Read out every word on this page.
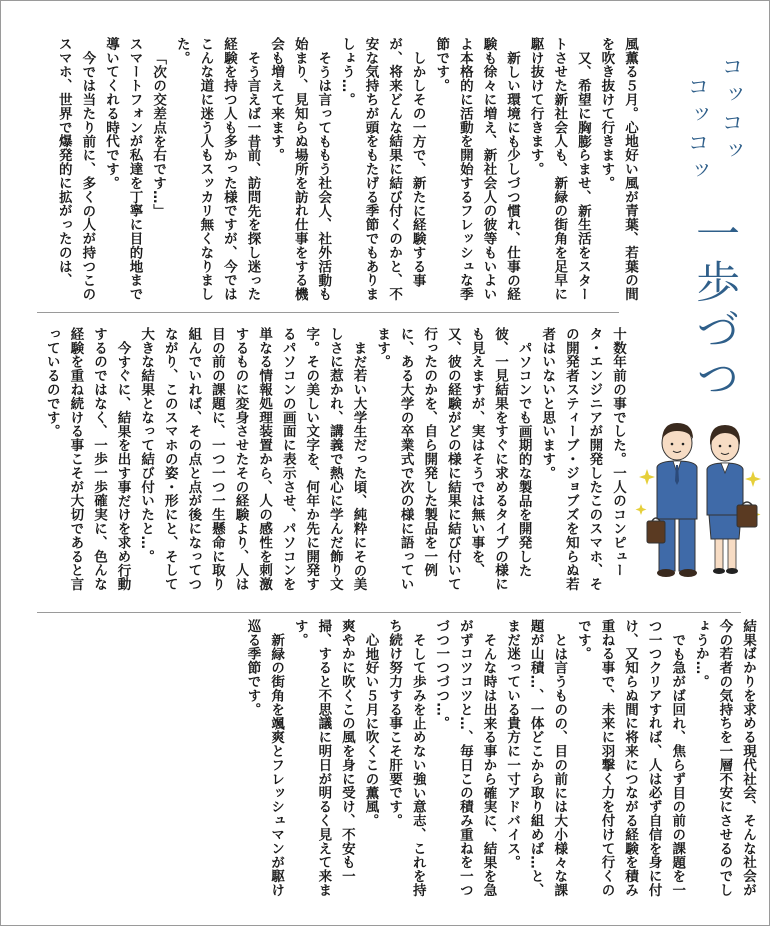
風薫る５月。心地好い風が青葉、若葉の間を吹き抜けて行きます。

又、希望に胸膨らませ、新生活をスタートさせた新社会人も、新緑の街角を足早に駆け抜けて行きます。

新しい環境にも少しづつ慣れ、仕事の経験も徐々に増え、新社会人の彼等もいよいよ本格的に活動を開始するフレッシュな季節です。

しかしその一方で、新たに経験する事が、将来どんな結果に結び付くのかと、不安な気持ちが頭をもたげる季節でもありましょう…。

そうは言ってももう社会人、社外活動も始まり、見知らぬ場所を訪れ仕事をする機会も増えて来ます。

そう言えば一昔前、訪問先を探し迷った経験を持つ人も多かった様ですが、今ではこんな道に迷う人もスッカリ無くなりました。

「次の交差点を右です…」

スマートフォンが私達を丁寧に目的地まで導いてくれる時代です。

今では当たり前に、多くの人が持つこのスマホ、世界で爆発的に拡がったのは、	コッコッ
コッコッ
一歩づつ

十数年前の事でした。一人のコンピュータ・エンジニアが開発したこのスマホ、その開発者スティーブ・ジョブズを知らぬ若者はいないと思います。

パソコンでも画期的な製品を開発した彼、一見結果をすぐに求めるタイプの様にも見えますが、実はそうでは無い事を、又、彼の経験がどの様に結果に結び付いて行ったのかを、自ら開発した製品を一例に、ある大学の卒業式で次の様に語っています。

まだ若い大学生だった頃、純粋にその美しさに惹かれ、講義で熱心に学んだ飾り文字。その美しい文字を、何年か先に開発するパソコンの画面に表示させ、パソコンを単なる情報処理装置から、人の感性を刺激するものに変身させたその経験より、人は目の前の課題に、一つ一つ一生懸命に取り組んでいれば、その点と点が後になってつながり、このスマホの姿・形にと、そして大きな結果となって結び付いたと…。

今すぐに、結果を出す事だけを求め行動するのではなく、一歩一歩確実に、色んな経験を重ね続ける事こそが大切であると言っているのです。

結果ばかりを求める現代社会、そんな社会が今の若者の気持ちを一層不安にさせるのでしょうか…。

でも急がば回れ、焦らず目の前の課題を一つ一つクリアすれば、人は必ず自信を身に付け、又知らぬ間に将来につながる経験を積み重ねる事で、未来に羽撃く力を付けて行くのです。

とは言うものの、目の前には大小様々な課題が山積…、一体どこから取り組めば…と、まだ迷っている貴方に一寸アドバイス。

そんな時は出来る事から確実に、結果を急がずコツコツと…、毎日この積み重ねを一つづつ一つづつ…。

そして歩みを止めない強い意志、これを持ち続け努力する事こそ肝要です。

心地好い５月に吹くこの薫風。

爽やかに吹くこの風を身に受け、不安も一掃、すると不思議に明日が明るく見えて来ます。

新緑の街角を颯爽とフレッシュマンが駆け巡る季節です。
